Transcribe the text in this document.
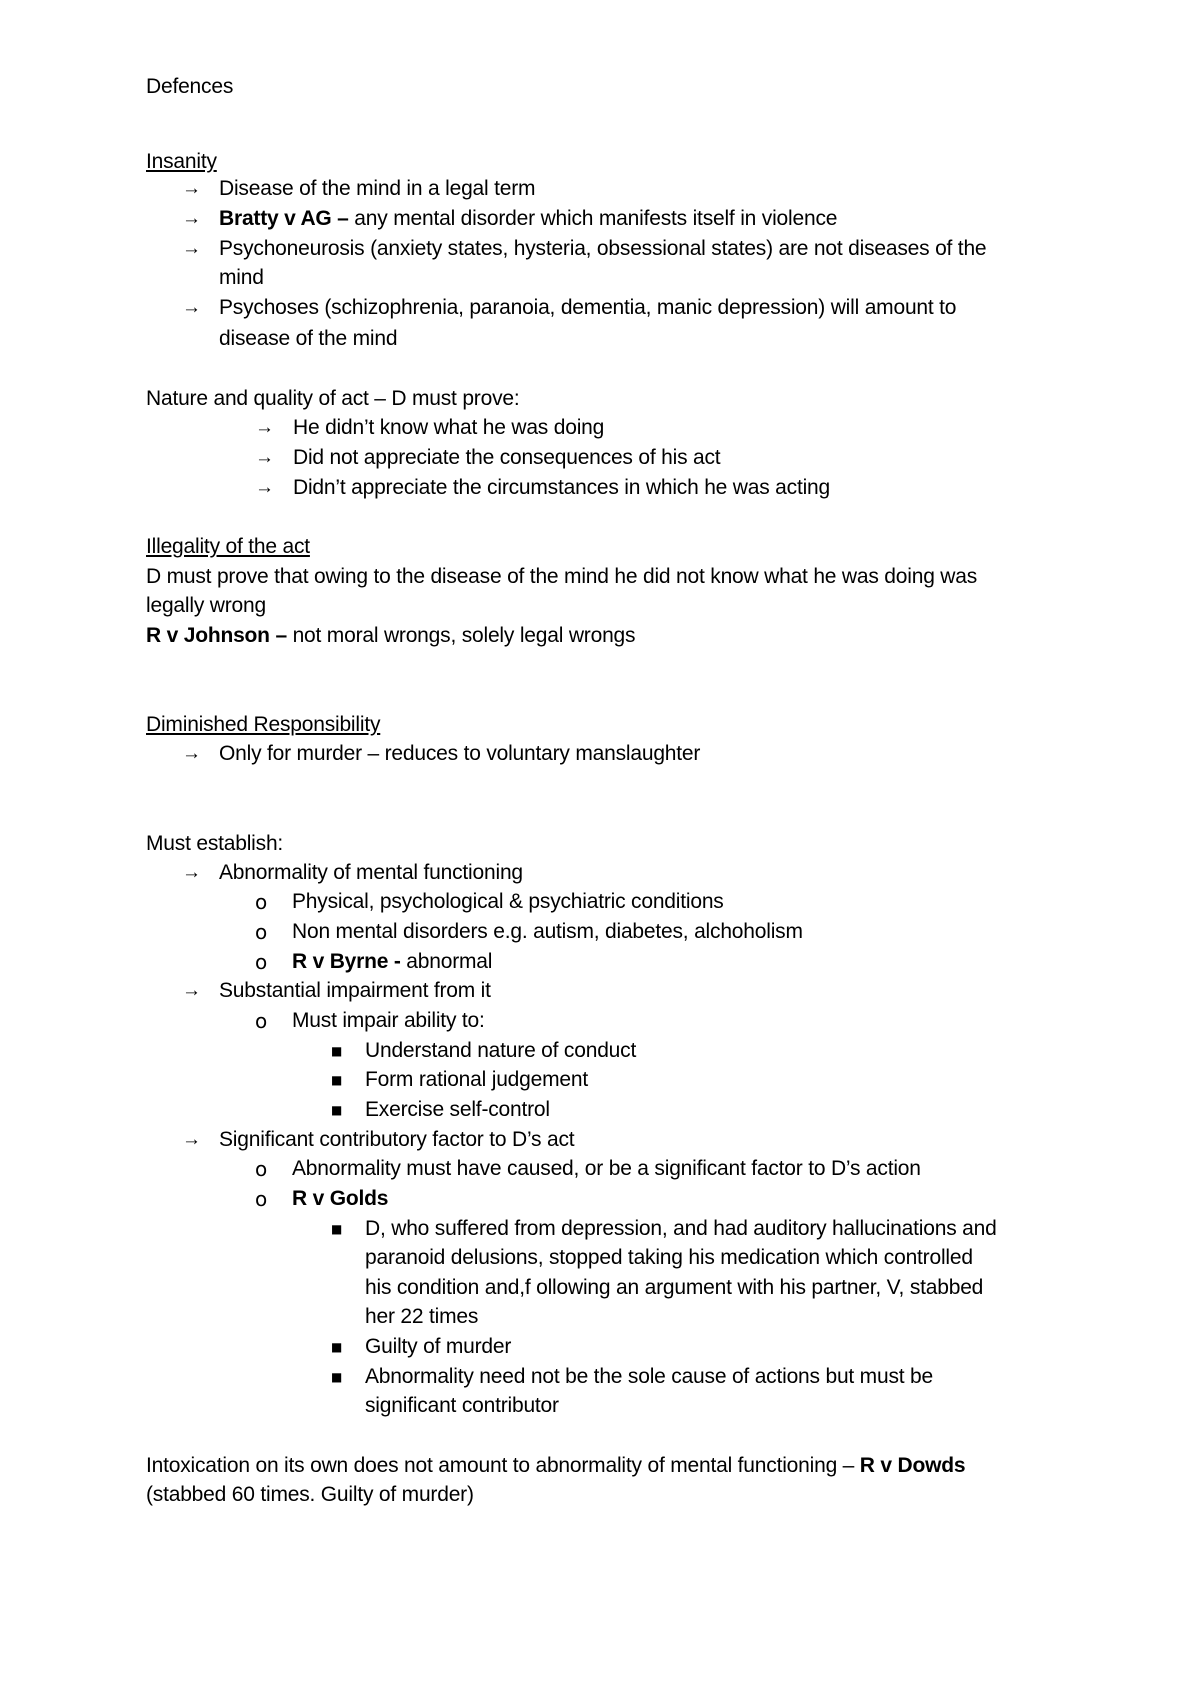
Defences
Insanity
→ Disease of the mind in a legal term
→ Bratty v AG – any mental disorder which manifests itself in violence
→ Psychoneurosis (anxiety states, hysteria, obsessional states) are not diseases of the
mind
→ Psychoses (schizophrenia, paranoia, dementia, manic depression) will amount to
disease of the mind
Nature and quality of act – D must prove:
→ He didn’t know what he was doing
→ Did not appreciate the consequences of his act
→ Didn’t appreciate the circumstances in which he was acting
Illegality of the act
D must prove that owing to the disease of the mind he did not know what he was doing was
legally wrong
R v Johnson – not moral wrongs, solely legal wrongs
Diminished Responsibility
→ Only for murder – reduces to voluntary manslaughter
Must establish:
→ Abnormality of mental functioning
o Physical, psychological & psychiatric conditions
o Non mental disorders e.g. autism, diabetes, alchoholism
o R v Byrne - abnormal
→ Substantial impairment from it
o Must impair ability to:
■ Understand nature of conduct
■ Form rational judgement
■ Exercise self-control
→ Significant contributory factor to D’s act
o Abnormality must have caused, or be a significant factor to D’s action
o R v Golds
■ D, who suffered from depression, and had auditory hallucinations and
paranoid delusions, stopped taking his medication which controlled
his condition and,f ollowing an argument with his partner, V, stabbed
her 22 times
■ Guilty of murder
■ Abnormality need not be the sole cause of actions but must be
significant contributor
Intoxication on its own does not amount to abnormality of mental functioning – R v Dowds
(stabbed 60 times. Guilty of murder)
